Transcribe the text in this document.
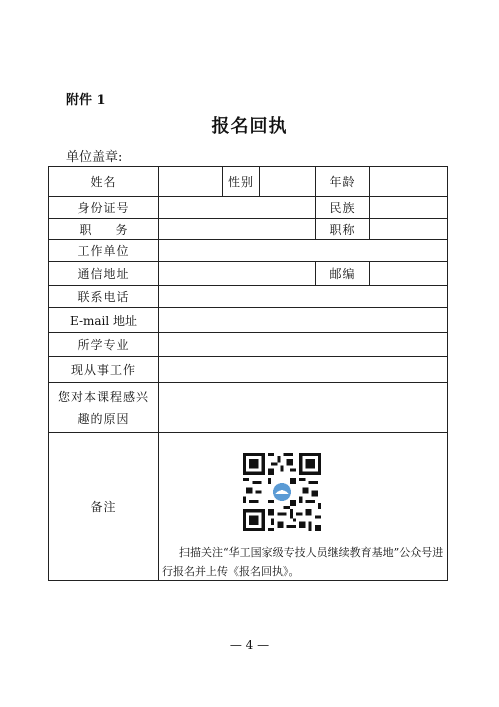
附件 1
报名回执
单位盖章:
姓名		性别		年龄	
身份证号				民族	
职　　务				职称	
工作单位					
通信地址				邮编	
联系电话					
E-mail 地址					
所学专业					
现从事工作					
您对本课程感兴趣的原因					
备注	扫描关注“华工国家级专技人员继续教育基地”公众号进行报名并上传《报名回执》。				
— 4 —
